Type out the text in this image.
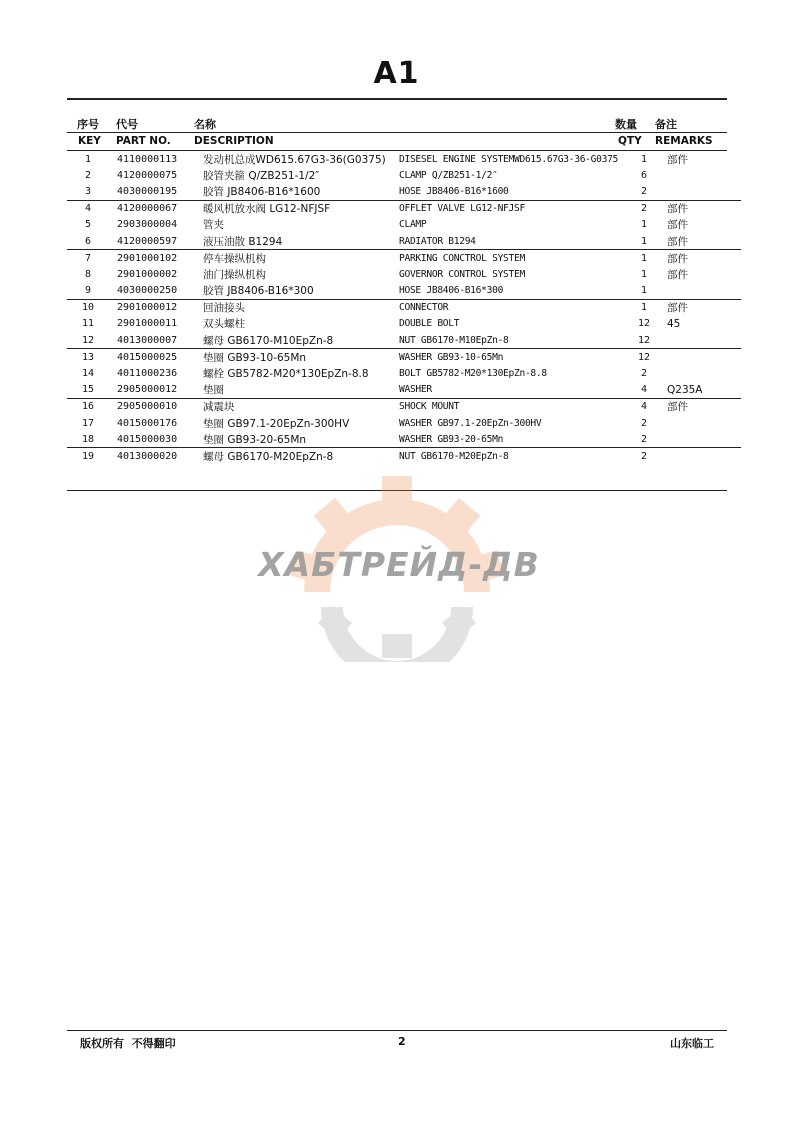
A1
序号 代号	名称	数量 备注
KEY PART NO. DESCRIPTION	QTY REMARKS
1	4110000113	发动机总成WD615.67G3-36(G0375)	DISESEL ENGINE SYSTEMWD615.67G3-36-G0375	1	部件
2	4120000075	胶管夹箍 Q/ZB251-1/2″	CLAMP Q/ZB251-1/2″	6	
3	4030000195	胶管 JB8406-B16*1600	HOSE JB8406-B16*1600	2	
4	4120000067	暖风机放水阀 LG12-NFJSF	OFFLET VALVE LG12-NFJSF	2	部件
5	2903000004	管夹	CLAMP	1	部件
6	4120000597	液压油散 B1294	RADIATOR B1294	1	部件
7	2901000102	停车操纵机构	PARKING CONCTROL SYSTEM	1	部件
8	2901000002	油门操纵机构	GOVERNOR CONTROL SYSTEM	1	部件
9	4030000250	胶管 JB8406-B16*300	HOSE JB8406-B16*300	1	
10	2901000012	回油接头	CONNECTOR	1	部件
11	2901000011	双头螺柱	DOUBLE BOLT	12	45
12	4013000007	螺母 GB6170-M10EpZn-8	NUT GB6170-M10EpZn-8	12	
13	4015000025	垫圈 GB93-10-65Mn	WASHER GB93-10-65Mn	12	
14	4011000236	螺栓 GB5782-M20*130EpZn-8.8	BOLT GB5782-M20*130EpZn-8.8	2	
15	2905000012	垫圈	WASHER	4	Q235A
16	2905000010	减震块	SHOCK MOUNT	4	部件
17	4015000176	垫圈 GB97.1-20EpZn-300HV	WASHER GB97.1-20EpZn-300HV	2	
18	4015000030	垫圈 GB93-20-65Mn	WASHER GB93-20-65Mn	2	
19	4013000020	螺母 GB6170-M20EpZn-8	NUT GB6170-M20EpZn-8	2	
ХАБТРЕЙД-ДВ
版权所有  不得翻印	2	山东临工
